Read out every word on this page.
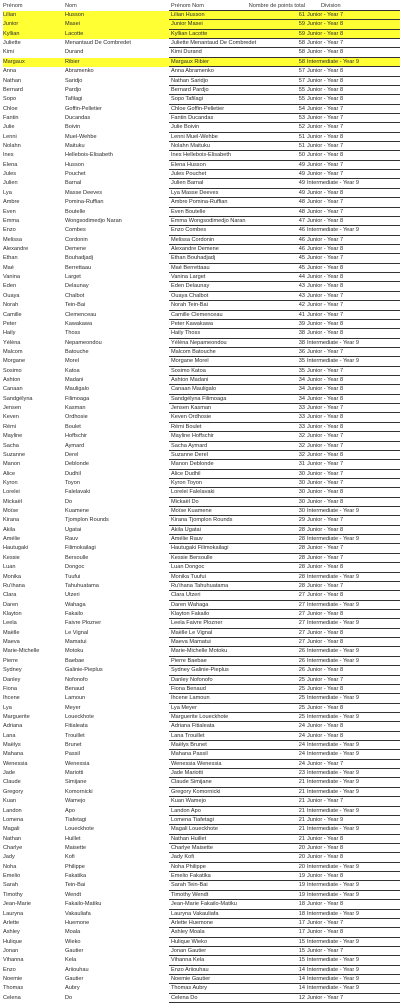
Prénom	Nom	Prénom Nom	Nombre de points total	Division
Lilian	Husson	Lilian Husson	61 Junior - Year 7
Junior	Masei	Junior Masei	59 Junior - Year 8
Kyllian	Lacotte	Kyllian Lacotte	59 Junior - Year 8
Juliette	Menantaud De Combredet	Juliette Menantaud De Combredet	58 Junior - Year 7
Kimi	Durand	Kimi Durand	58 Junior - Year 8
Margaux	Ribier	Margaux Ribier	58 Intermediate - Year 9
Anna	Abramenko	Anna Abramenko	57 Junior - Year 8
Nathan	Saridjo	Nathan Saridjo	57 Junior - Year 8
Bernard	Pardjo	Bernard Pardjo	55 Junior - Year 8
Sopo	Tafilagi	Sopo Tafilagi	55 Junior - Year 8
Chloe	Goffin-Pelletier	Chloe Goffin-Pelletier	54 Junior - Year 7
Fantin	Ducandas	Fantin Ducandas	53 Junior - Year 7
Julie	Boivin	Julie Boivin	52 Junior - Year 7
Lenni	Muel-Wehbe	Lenni Muel-Wehbe	51 Junior - Year 8
Nolahn	Maituku	Nolahn Maituku	51 Junior - Year 7
Ines	Hellebois-Elisabeth	Ines Hellebois-Elisabeth	50 Junior - Year 8
Elena	Husson	Elena Husson	49 Junior - Year 7
Jules	Pouchet	Jules Pouchet	49 Junior - Year 7
Julien	Barnal	Julien Barnal	49 Intermediate - Year 9
Lya	Masse Deeves	Lya Masse Deeves	49 Junior - Year 8
Ambre	Pomina-Ruffian	Ambre Pomina-Ruffian	48 Junior - Year 7
Even	Boutelle	Even Boutelle	48 Junior - Year 7
Emma	Wongsodimedjo Naran	Emma Wongsodimedjo Naran	47 Junior - Year 8
Enzo	Combes	Enzo Combes	46 Intermediate - Year 9
Melissa	Cordonin	Melissa Cordonin	46 Junior - Year 7
Alexandre	Demene	Alexandre Demene	46 Junior - Year 8
Ethan	Bouhadjadj	Ethan Bouhadjadj	45 Junior - Year 7
Maé	Berrettaau	Maé Berrettaau	45 Junior - Year 8
Vanina	Larget	Vanina Larget	44 Junior - Year 8
Eden	Delaunay	Eden Delaunay	43 Junior - Year 8
Ouaya	Chalbot	Ouaya Chalbot	43 Junior - Year 7
Norah	Tein-Bai	Norah Tein-Bai	42 Junior - Year 7
Camille	Clemenceau	Camille Clemenceau	41 Junior - Year 7
Peter	Kawakawa	Peter Kawakawa	39 Junior - Year 8
Haily	Thoss	Haily Thoss	38 Junior - Year 8
Yélèna	Nepameondou	Yélèna Nepameondou	38 Intermediate - Year 9
Malcom	Batouche	Malcom Batouche	36 Junior - Year 7
Morgane	Morel	Morgane Morel	35 Intermediate - Year 9
Sosimo	Katoa	Sosimo Katoa	35 Junior - Year 7
Ashton	Madani	Ashton Madani	34 Junior - Year 8
Canaan	Mauligalo	Canaan Mauligalo	34 Junior - Year 8
Sandgélyna	Filimoaga	Sandgélyna Filimoaga	34 Junior - Year 8
Jensen	Kasman	Jensen Kasman	33 Junior - Year 7
Keven	Ordhosie	Keven Ordhosie	33 Junior - Year 8
Rémi	Boulet	Rémi Boulet	33 Junior - Year 8
Mayline	Hoffschir	Mayline Hoffschir	32 Junior - Year 7
Sacha	Aymard	Sacha Aymard	32 Junior - Year 7
Suzanne	Derel	Suzanne Derel	32 Junior - Year 8
Manon	Deblonde	Manon Deblonde	31 Junior - Year 7
Alice	Dudhil	Alice Dudhil	30 Junior - Year 7
Kyron	Toyon	Kyron Toyon	30 Junior - Year 7
Lorelei	Falelavaki	Lorelei Falelavaki	30 Junior - Year 8
Mickaël	Do	Mickaël Do	30 Junior - Year 8
Moïse	Kuamene	Moïse Kuamene	30 Intermediate - Year 9
Kirana	Tjomplon Rounds	Kirana Tjomplon Rounds	29 Junior - Year 7
Akila	Ugatai	Akila Ugatai	28 Junior - Year 8
Amélie	Rauv	Amélie Rauv	28 Intermediate - Year 9
Hautugaki	Filimokailagi	Hautugaki Filimokailagi	28 Junior - Year 7
Kessie	Bersoulle	Kessie Bersoulle	28 Junior - Year 7
Luan	Dongoc	Luan Dongoc	28 Junior - Year 8
Monika	Tuufui	Monika Tuufui	28 Intermediate - Year 9
Ru'ihana	Tahuhuatama	Ru'ihana Tahuhuatama	28 Junior - Year 7
Clara	Utzeri	Clara Utzeri	27 Junior - Year 8
Daren	Wahaga	Daren Wahaga	27 Intermediate - Year 9
Klayton	Fakailo	Klayton Fakailo	27 Junior - Year 8
Leela	Faivre Plozner	Leela Faivre Plozner	27 Intermediate - Year 9
Maëlle	Le Vignal	Maëlle Le Vignal	27 Junior - Year 8
Maeva	Mamatui	Maeva Mamatui	27 Junior - Year 8
Marie-Michelle	Motoku	Marie-Michelle Motoku	26 Intermediate - Year 9
Pierre	Baebae	Pierre Baebae	26 Intermediate - Year 9
Sydney	Galinie-Pieplus	Sydney Galinie-Pieplus	26 Junior - Year 8
Danley	Nofonofo	Danley Nofonofo	25 Junior - Year 7
Fiona	Benaud	Fiona Benaud	25 Junior - Year 8
Ihcene	Lamoun	Ihcene Lamoun	25 Intermediate - Year 9
Lya	Meyer	Lya Meyer	25 Junior - Year 8
Marguerite	Loueckhote	Marguerite Loueckhote	25 Intermediate - Year 9
Adriana	Fitialeata	Adriana Fitialeata	24 Junior - Year 8
Lana	Trouillet	Lana Trouillet	24 Junior - Year 8
Maëlys	Brunet	Maëlys Brunet	24 Intermediate - Year 9
Mahana	Passil	Mahana Passil	24 Intermediate - Year 9
Wenessia	Wenessia	Wenessia Wenessia	24 Junior - Year 7
Jade	Mariotti	Jade Mariotti	23 Intermediate - Year 9
Claude	Simijane	Claude Simijane	21 Intermediate - Year 9
Gregory	Komornicki	Gregory Komornicki	21 Intermediate - Year 9
Kuan	Wamejo	Kuan Wamejo	21 Junior - Year 7
Landon	Apo	Landon Apo	21 Intermediate - Year 9
Lomena	Tiafetagi	Lomena Tiafetagi	21 Junior - Year 9
Magali	Loueckhote	Magali Loueckhote	21 Intermediate - Year 9
Nathan	Huillet	Nathan Huillet	21 Junior - Year 8
Charlye	Maisette	Charlye Maisette	20 Junior - Year 8
Jady	Kofi	Jady Kofi	20 Junior - Year 8
Noha	Philippe	Noha Philippe	20 Intermediate - Year 9
Emelio	Fakatika	Emelio Fakatika	19 Junior - Year 8
Sarah	Tein-Bai	Sarah Tein-Bai	19 Intermediate - Year 9
Timothy	Wendt	Timothy Wendt	19 Intermediate - Year 9
Jean-Marie	Fakailo-Matiku	Jean-Marie Fakailo-Matiku	18 Junior - Year 8
Lauryna	Vakauliafa	Lauryna Vakauliafa	18 Intermediate - Year 9
Arlette	Huemone	Arlette Huemone	17 Junior - Year 7
Ashley	Moala	Ashley Moala	17 Junior - Year 8
Hulique	Wieko	Hulique Wieko	15 Intermediate - Year 9
Jonan	Gautier	Jonan Gautier	15 Junior - Year 7
Vihanna	Kela	Vihanna Kela	15 Intermediate - Year 9
Enzo	Ariiouhau	Enzo Ariiouhau	14 Intermediate - Year 9
Noemie	Gautier	Noemie Gautier	14 Intermediate - Year 9
Thomas	Aubry	Thomas Aubry	14 Intermediate - Year 9
Celena	Do	Celena Do	12 Junior - Year 7
